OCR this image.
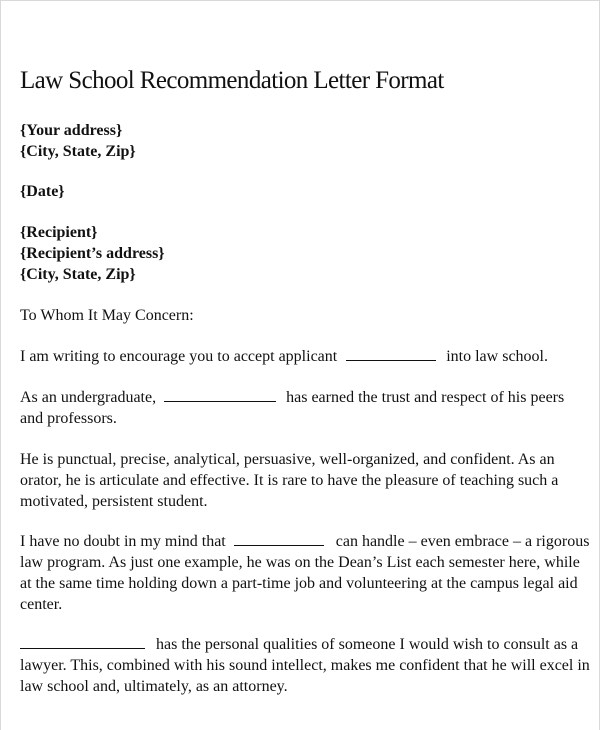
Law School Recommendation Letter Format
{Your address}
{City, State, Zip}
{Date}
{Recipient}
{Recipient’s address}
{City, State, Zip}
To Whom It May Concern:
I am writing to encourage you to accept applicant	into law school.
As an undergraduate,	has earned the trust and respect of his peers
and professors.
He is punctual, precise, analytical, persuasive, well-organized, and confident. As an
orator, he is articulate and effective. It is rare to have the pleasure of teaching such a
motivated, persistent student.
I have no doubt in my mind that	can handle – even embrace – a rigorous
law program. As just one example, he was on the Dean’s List each semester here, while
at the same time holding down a part-time job and volunteering at the campus legal aid
center.
has the personal qualities of someone I would wish to consult as a
lawyer. This, combined with his sound intellect, makes me confident that he will excel in
law school and, ultimately, as an attorney.
